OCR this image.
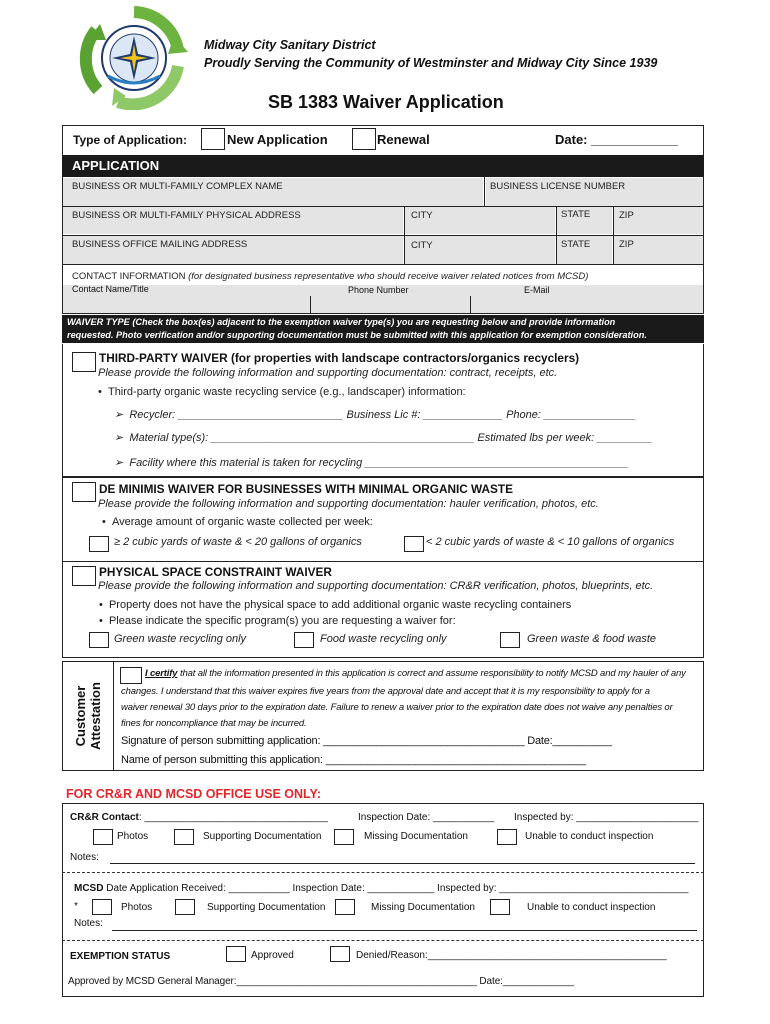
Midway City Sanitary District
Proudly Serving the Community of Westminster and Midway City Since 1939
SB 1383 Waiver Application
Type of Application:	New Application	Renewal	Date: ____________
APPLICATION
BUSINESS OR MULTI-FAMILY COMPLEX NAME	BUSINESS LICENSE NUMBER
BUSINESS OR MULTI-FAMILY PHYSICAL ADDRESS	CITY	STATE	ZIP
BUSINESS OFFICE MAILING ADDRESS	CITY	STATE	ZIP
CONTACT INFORMATION (for designated business representative who should receive waiver related notices from MCSD)
Contact Name/Title	Phone Number	E-Mail
WAIVER TYPE (Check the box(es) adjacent to the exemption waiver type(s) you are requesting below and provide information
requested. Photo verification and/or supporting documentation must be submitted with this application for exemption consideration.
THIRD-PARTY WAIVER (for properties with landscape contractors/organics recyclers)
Please provide the following information and supporting documentation: contract, receipts, etc.
•  Third-party organic waste recycling service (e.g., landscaper) information:
➢  Recycler: ___________________________ Business Lic #: _____________ Phone: _______________
➢  Material type(s): ___________________________________________ Estimated lbs per week: _________
➢  Facility where this material is taken for recycling ___________________________________________
DE MINIMIS WAIVER FOR BUSINESSES WITH MINIMAL ORGANIC WASTE
Please provide the following information and supporting documentation: hauler verification, photos, etc.
•  Average amount of organic waste collected per week:
≥ 2 cubic yards of waste & < 20 gallons of organics	< 2 cubic yards of waste & < 10 gallons of organics
PHYSICAL SPACE CONSTRAINT WAIVER
Please provide the following information and supporting documentation: CR&R verification, photos, blueprints, etc.
•  Property does not have the physical space to add additional organic waste recycling containers
•  Please indicate the specific program(s) you are requesting a waiver for:
Green waste recycling only	Food waste recycling only	Green waste & food waste
Customer Attestation
I certify that all the information presented in this application is correct and assume responsibility to notify MCSD and my hauler of any
changes. I understand that this waiver expires five years from the approval date and accept that it is my responsibility to apply for a
waiver renewal 30 days prior to the expiration date. Failure to renew a waiver prior to the expiration date does not waive any penalties or
fines for noncompliance that may be incurred.
Signature of person submitting application: __________________________________ Date:__________
Name of person submitting this application: ____________________________________________
FOR CR&R AND MCSD OFFICE USE ONLY:
CR&R Contact: _________________________________	Inspection Date: ___________ Inspected by: ______________________
Photos	Supporting Documentation	Missing Documentation	Unable to conduct inspection
Notes:
MCSD Date Application Received: ___________ Inspection Date: ____________ Inspected by: __________________________________
*	Photos	Supporting Documentation	Missing Documentation	Unable to conduct inspection
Notes:
EXEMPTION STATUS	Approved	Denied/Reason:___________________________________________
Approved by MCSD General Manager:____________________________________________ Date:_____________
